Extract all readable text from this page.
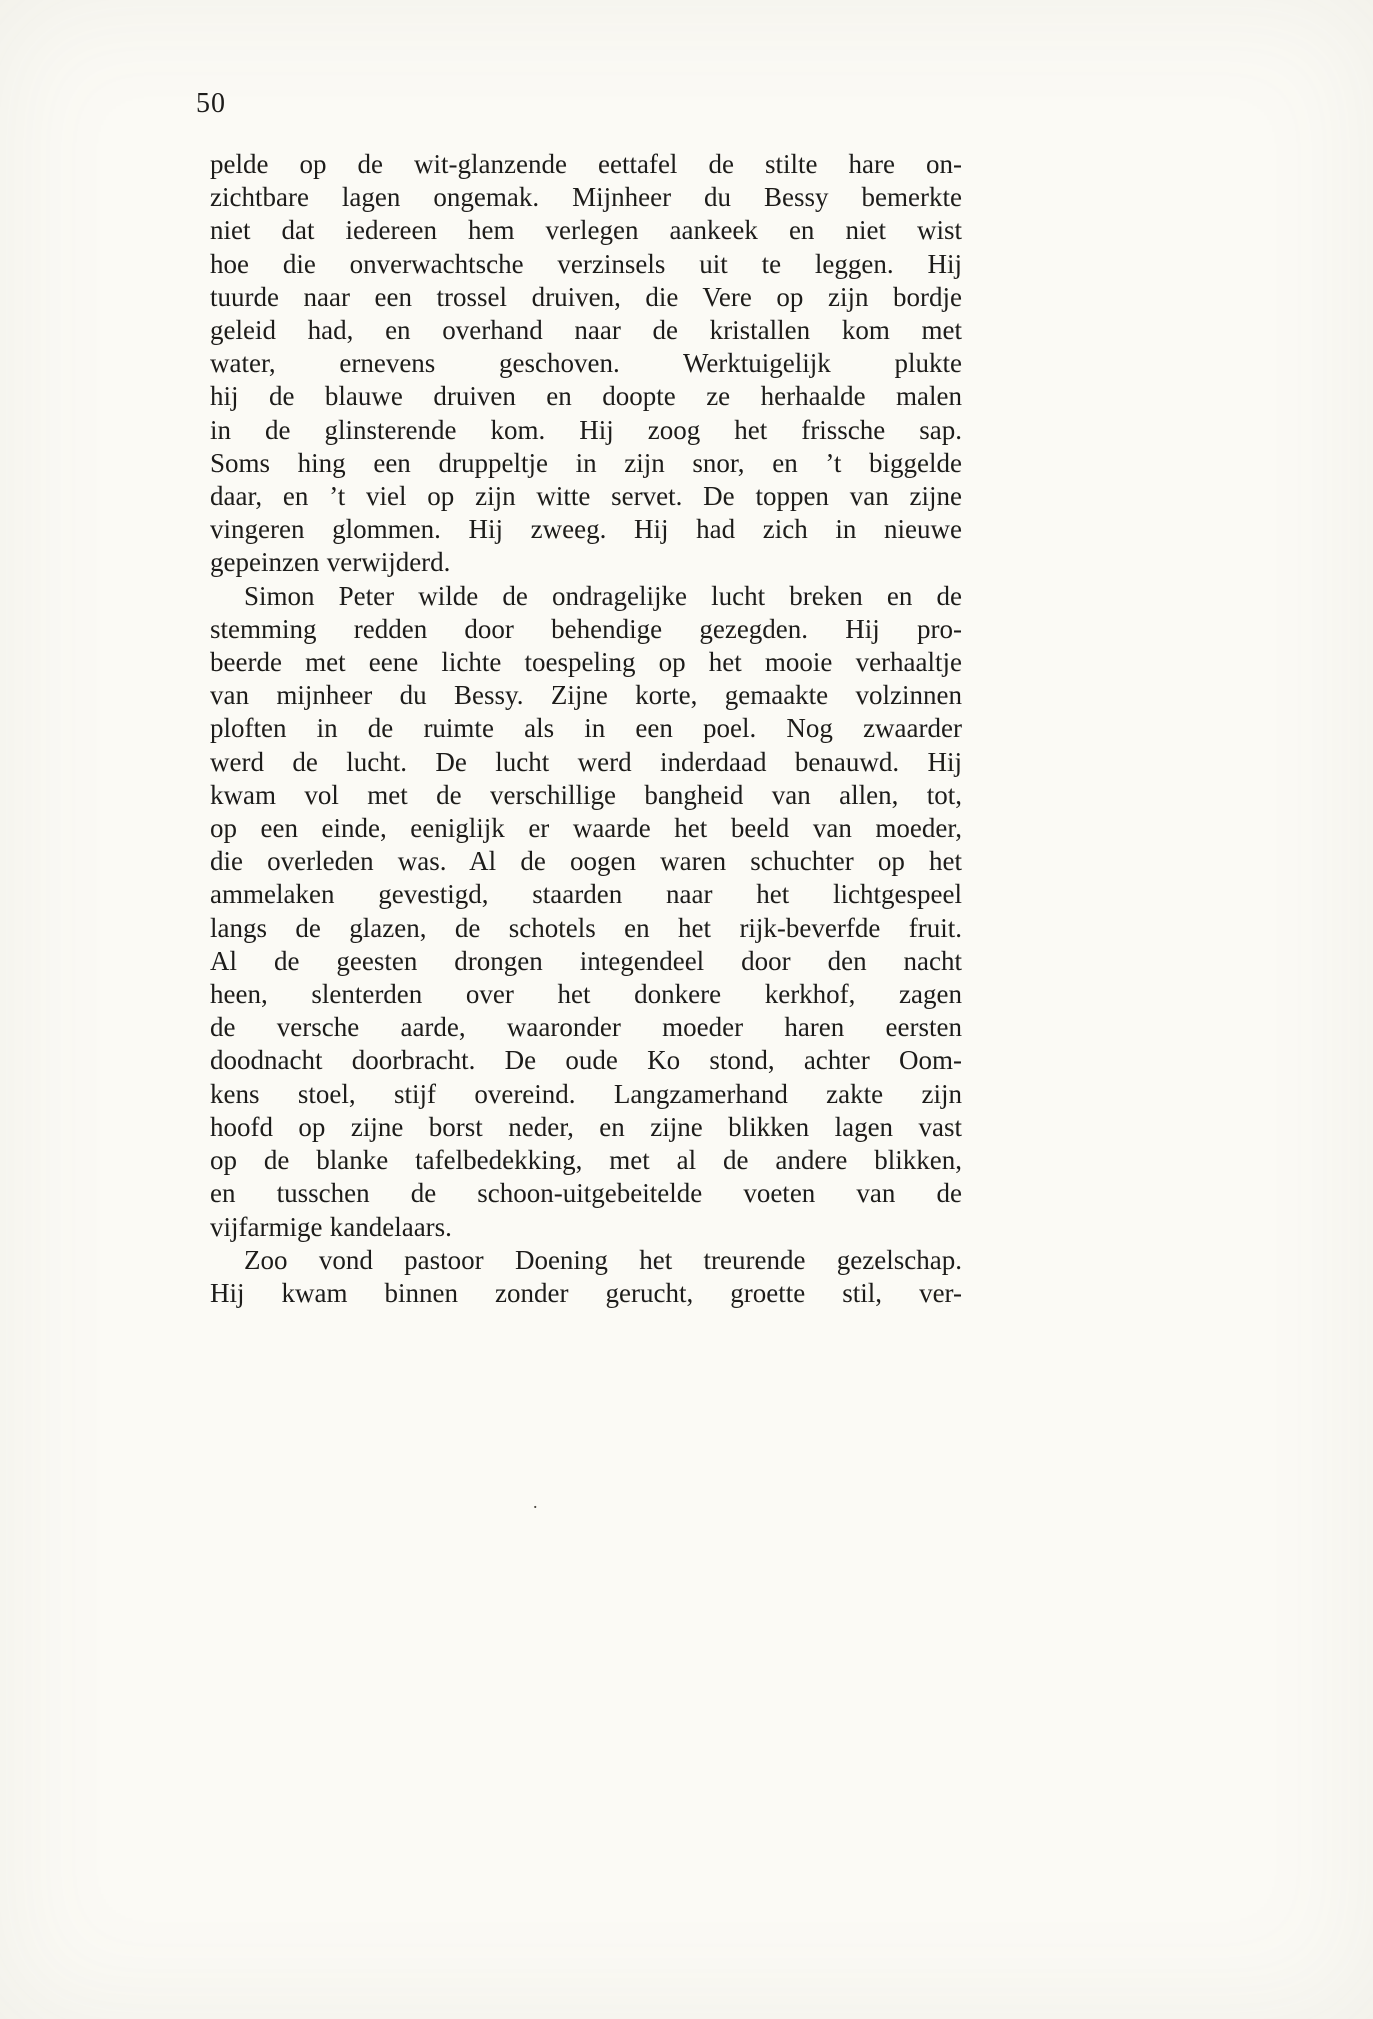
50
pelde op de wit-glanzende eettafel de stilte hare on-
zichtbare lagen ongemak. Mijnheer du Bessy bemerkte
niet dat iedereen hem verlegen aankeek en niet wist
hoe die onverwachtsche verzinsels uit te leggen. Hij
tuurde naar een trossel druiven, die Vere op zijn bordje
geleid had, en overhand naar de kristallen kom met
water, ernevens geschoven. Werktuigelijk plukte
hij de blauwe druiven en doopte ze herhaalde malen
in de glinsterende kom. Hij zoog het frissche sap.
Soms hing een druppeltje in zijn snor, en ’t biggelde
daar, en ’t viel op zijn witte servet. De toppen van zijne
vingeren glommen. Hij zweeg. Hij had zich in nieuwe
gepeinzen verwijderd.
Simon Peter wilde de ondragelijke lucht breken en de
stemming redden door behendige gezegden. Hij pro-
beerde met eene lichte toespeling op het mooie verhaaltje
van mijnheer du Bessy. Zijne korte, gemaakte volzinnen
ploften in de ruimte als in een poel. Nog zwaarder
werd de lucht. De lucht werd inderdaad benauwd. Hij
kwam vol met de verschillige bangheid van allen, tot,
op een einde, eeniglijk er waarde het beeld van moeder,
die overleden was. Al de oogen waren schuchter op het
ammelaken gevestigd, staarden naar het lichtgespeel
langs de glazen, de schotels en het rijk-beverfde fruit.
Al de geesten drongen integendeel door den nacht
heen, slenterden over het donkere kerkhof, zagen
de versche aarde, waaronder moeder haren eersten
doodnacht doorbracht. De oude Ko stond, achter Oom-
kens stoel, stijf overeind. Langzamerhand zakte zijn
hoofd op zijne borst neder, en zijne blikken lagen vast
op de blanke tafelbedekking, met al de andere blikken,
en tusschen de schoon-uitgebeitelde voeten van de
vijfarmige kandelaars.
Zoo vond pastoor Doening het treurende gezelschap.
Hij kwam binnen zonder gerucht, groette stil, ver-
.
